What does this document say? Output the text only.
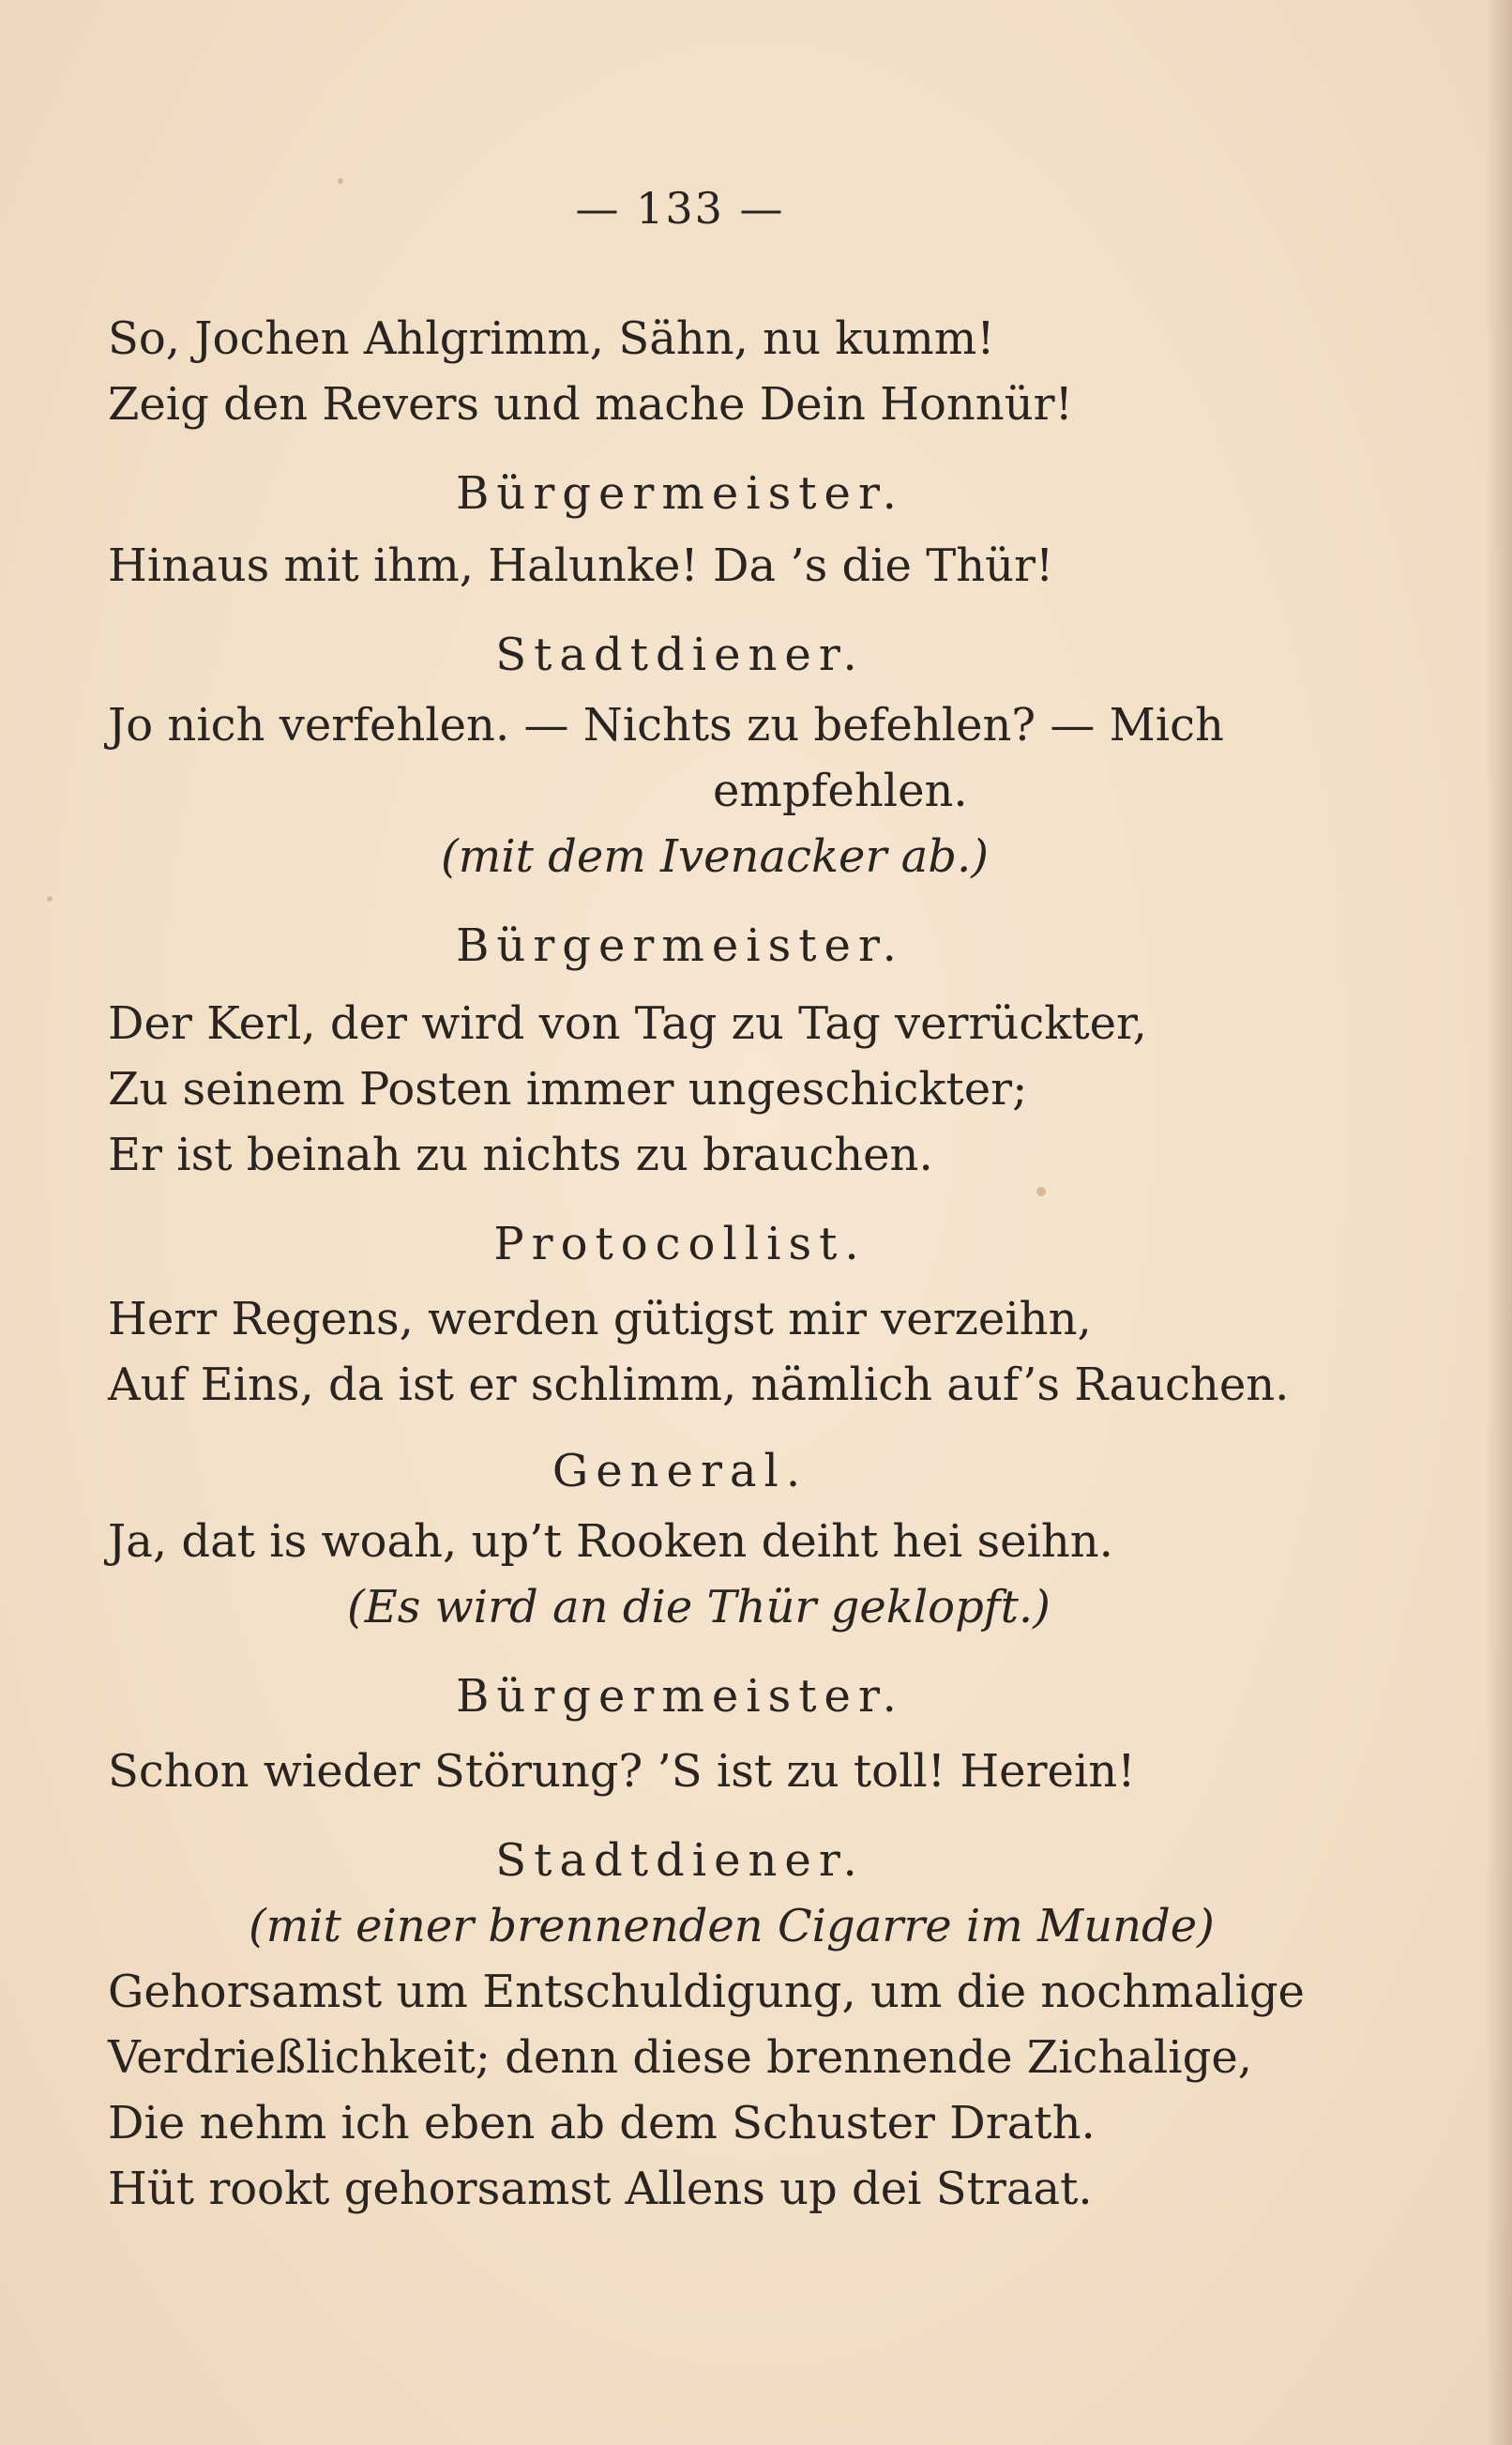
— 133 —
So, Jochen Ahlgrimm, Sähn, nu kumm!
Zeig den Revers und mache Dein Honnür!
Bürgermeister.
Hinaus mit ihm, Halunke! Da ’s die Thür!
Stadtdiener.
Jo nich verfehlen. — Nichts zu befehlen? — Mich
empfehlen.
(mit dem Ivenacker ab.)
Bürgermeister.
Der Kerl, der wird von Tag zu Tag verrückter,
Zu seinem Posten immer ungeschickter;
Er ist beinah zu nichts zu brauchen.
Protocollist.
Herr Regens, werden gütigst mir verzeihn,
Auf Eins, da ist er schlimm, nämlich auf’s Rauchen.
General.
Ja, dat is woah, up’t Rooken deiht hei seihn.
(Es wird an die Thür geklopft.)
Bürgermeister.
Schon wieder Störung? ’S ist zu toll! Herein!
Stadtdiener.
(mit einer brennenden Cigarre im Munde)
Gehorsamst um Entschuldigung, um die nochmalige
Verdrießlichkeit; denn diese brennende Zichalige,
Die nehm ich eben ab dem Schuster Drath.
Hüt rookt gehorsamst Allens up dei Straat.
